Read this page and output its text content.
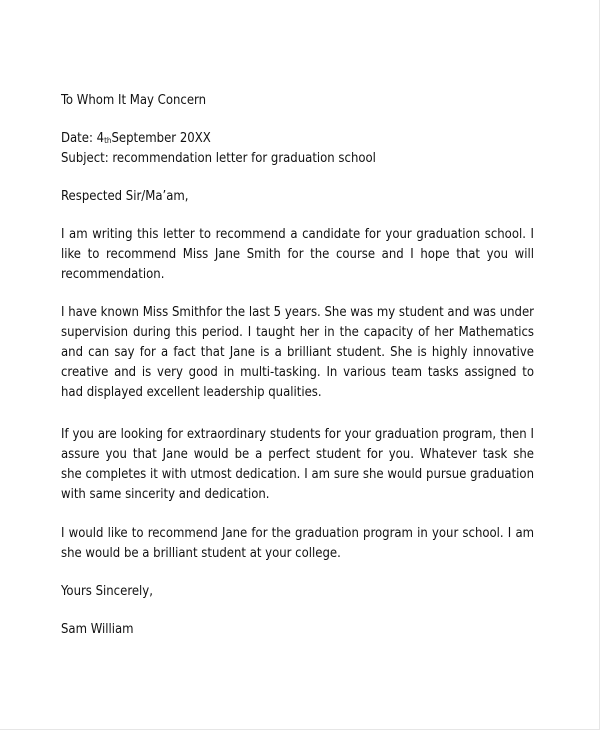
To Whom It May Concern
Date: 4thSeptember 20XX
Subject: recommendation letter for graduation school
Respected Sir/Ma’am,
I am writing this letter to recommend a candidate for your graduation school. I
like to recommend Miss Jane Smith for the course and I hope that you will
recommendation.
I have known Miss Smithfor the last 5 years. She was my student and was under
supervision during this period. I taught her in the capacity of her Mathematics
and can say for a fact that Jane is a brilliant student. She is highly innovative
creative and is very good in multi-tasking. In various team tasks assigned to
had displayed excellent leadership qualities.
If you are looking for extraordinary students for your graduation program, then I
assure you that Jane would be a perfect student for you. Whatever task she
she completes it with utmost dedication. I am sure she would pursue graduation
with same sincerity and dedication.
I would like to recommend Jane for the graduation program in your school. I am
she would be a brilliant student at your college.
Yours Sincerely,
Sam William
